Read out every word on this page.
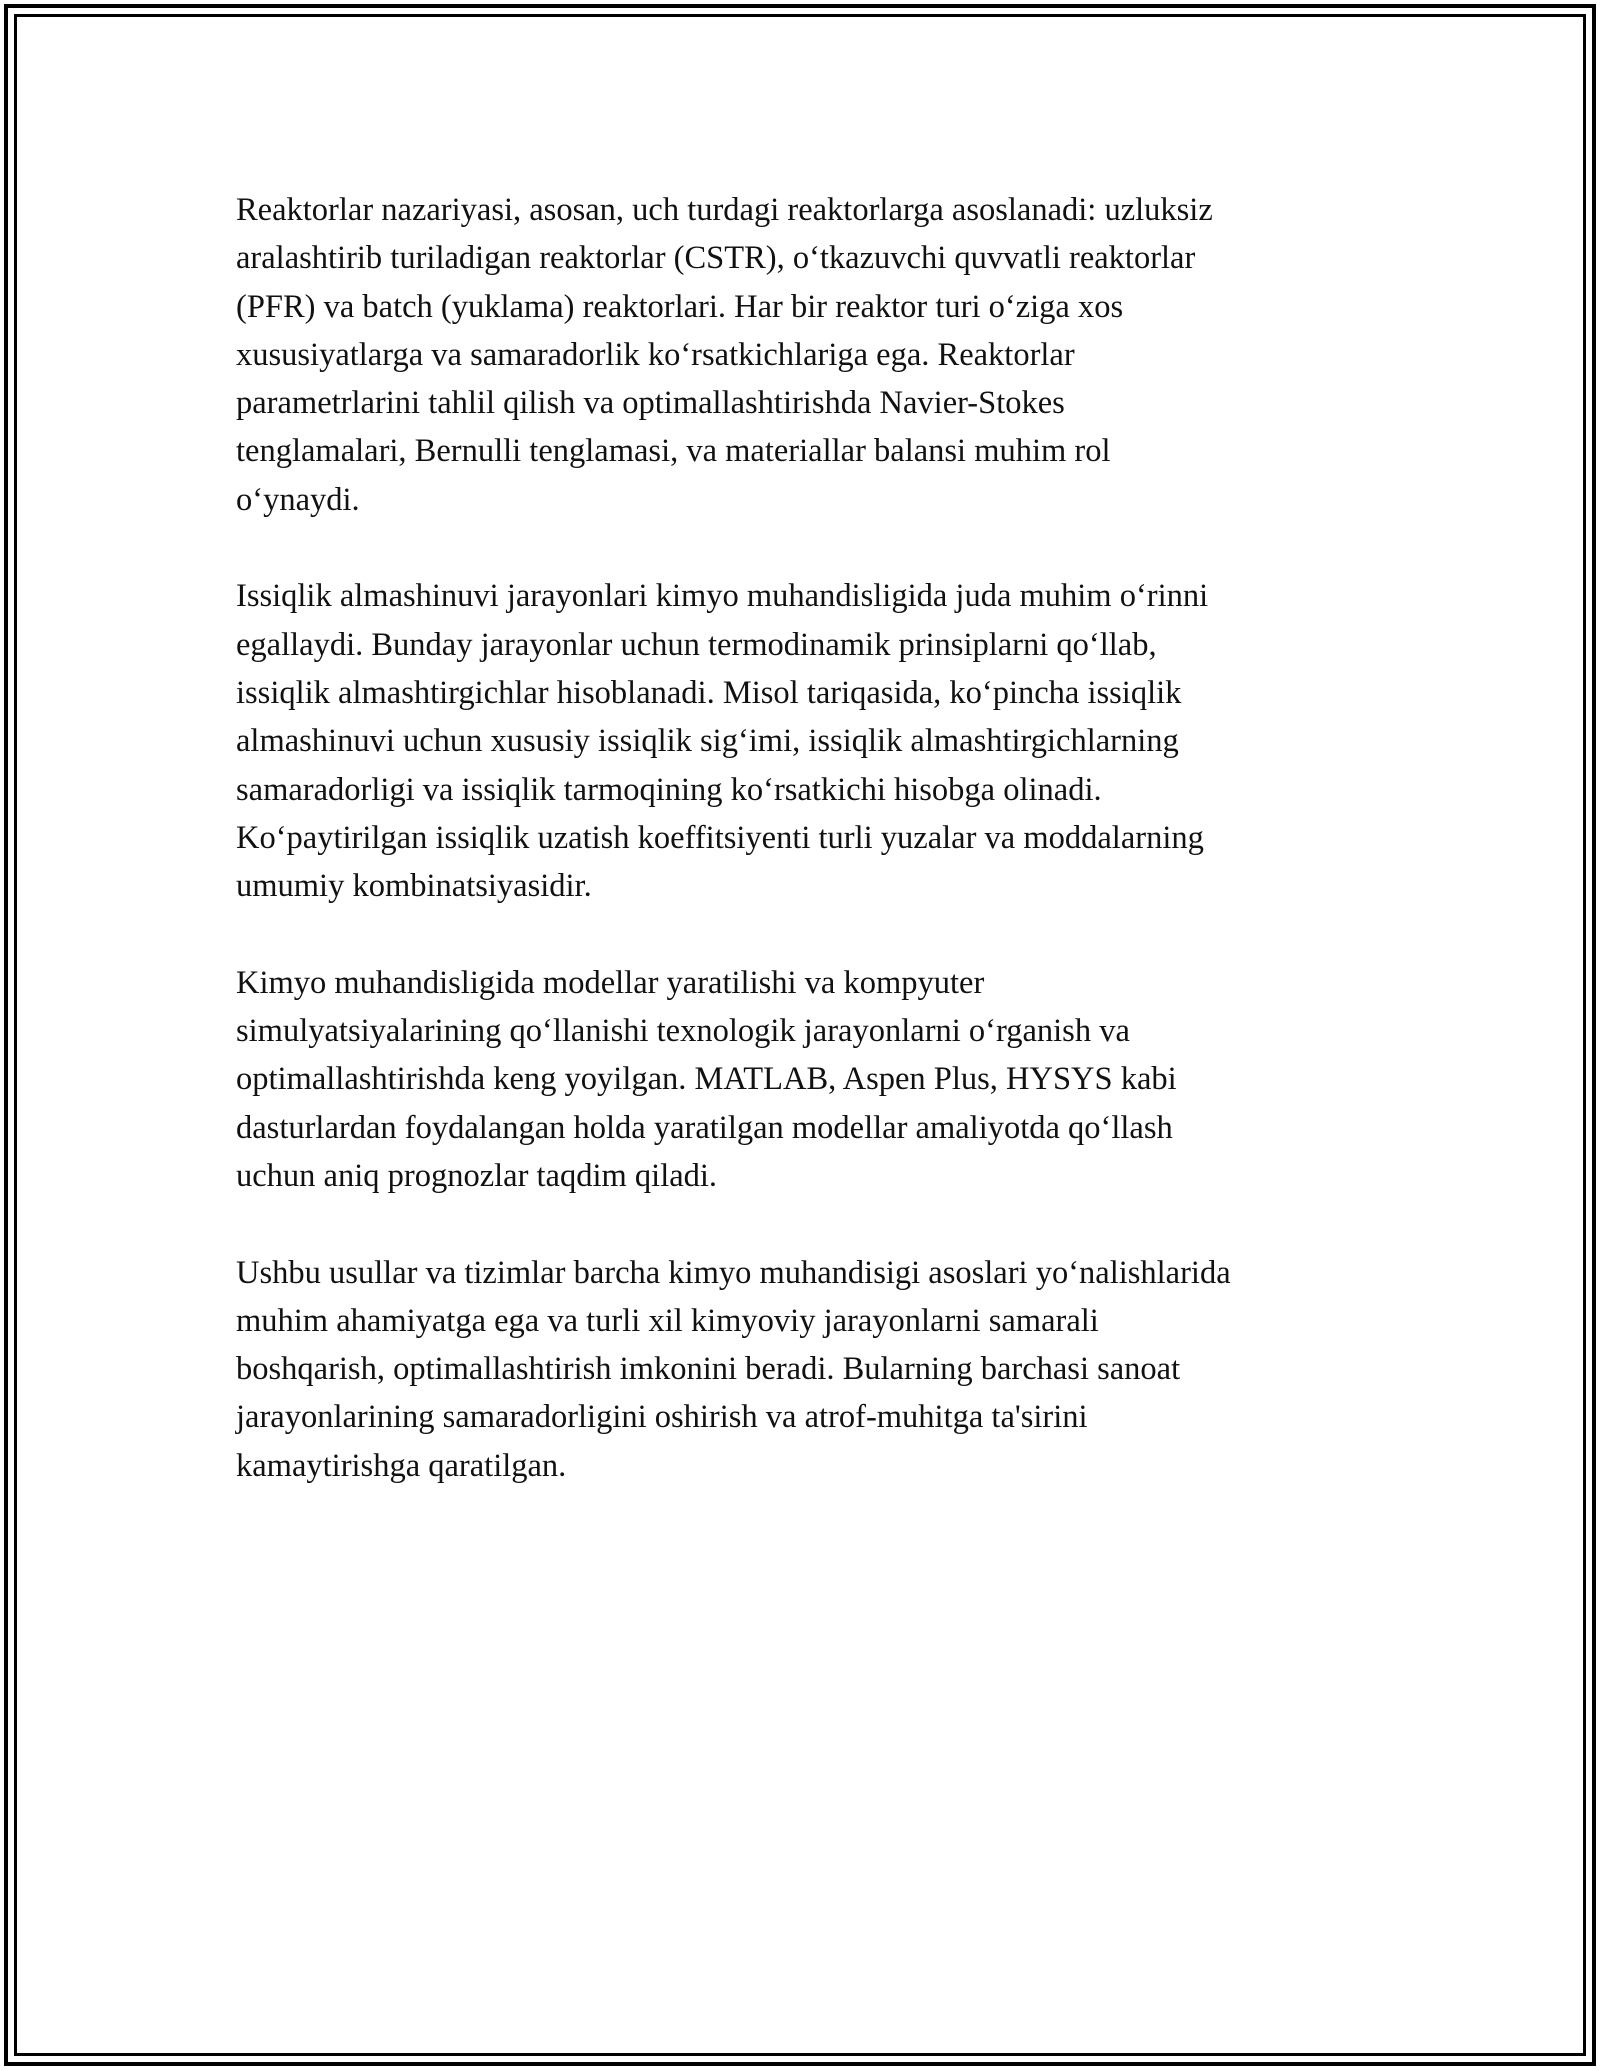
Reaktorlar nazariyasi, asosan, uch turdagi reaktorlarga asoslanadi: uzluksiz
aralashtirib turiladigan reaktorlar (CSTR), o‘tkazuvchi quvvatli reaktorlar
(PFR) va batch (yuklama) reaktorlari. Har bir reaktor turi o‘ziga xos
xususiyatlarga va samaradorlik ko‘rsatkichlariga ega. Reaktorlar
parametrlarini tahlil qilish va optimallashtirishda Navier-Stokes
tenglamalari, Bernulli tenglamasi, va materiallar balansi muhim rol
o‘ynaydi.

Issiqlik almashinuvi jarayonlari kimyo muhandisligida juda muhim o‘rinni
egallaydi. Bunday jarayonlar uchun termodinamik prinsiplarni qo‘llab,
issiqlik almashtirgichlar hisoblanadi. Misol tariqasida, ko‘pincha issiqlik
almashinuvi uchun xususiy issiqlik sig‘imi, issiqlik almashtirgichlarning
samaradorligi va issiqlik tarmoqining ko‘rsatkichi hisobga olinadi.
Ko‘paytirilgan issiqlik uzatish koeffitsiyenti turli yuzalar va moddalarning
umumiy kombinatsiyasidir.

Kimyo muhandisligida modellar yaratilishi va kompyuter
simulyatsiyalarining qo‘llanishi texnologik jarayonlarni o‘rganish va
optimallashtirishda keng yoyilgan. MATLAB, Aspen Plus, HYSYS kabi
dasturlardan foydalangan holda yaratilgan modellar amaliyotda qo‘llash
uchun aniq prognozlar taqdim qiladi.

Ushbu usullar va tizimlar barcha kimyo muhandisigi asoslari yo‘nalishlarida
muhim ahamiyatga ega va turli xil kimyoviy jarayonlarni samarali
boshqarish, optimallashtirish imkonini beradi. Bularning barchasi sanoat
jarayonlarining samaradorligini oshirish va atrof-muhitga ta'sirini
kamaytirishga qaratilgan.
